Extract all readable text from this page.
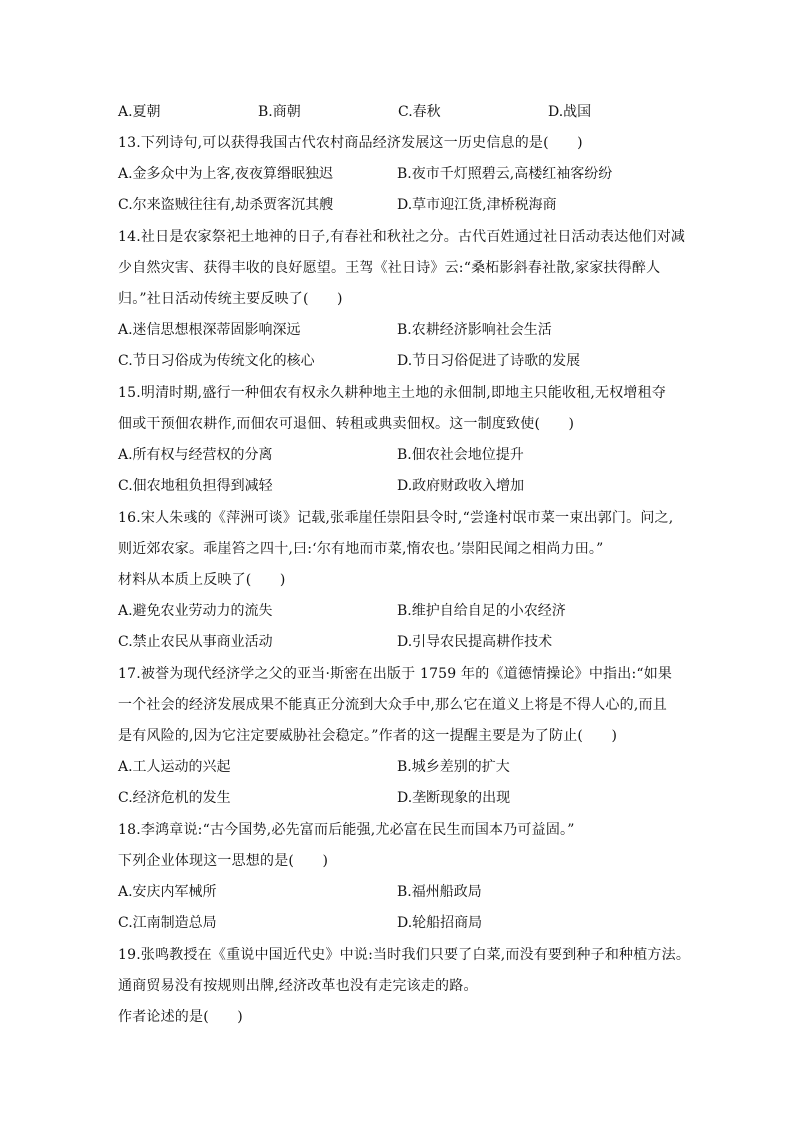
A.夏朝	B.商朝	C.春秋	D.战国
13.下列诗句,可以获得我国古代农村商品经济发展这一历史信息的是(　　)
A.金多众中为上客,夜夜算缗眠独迟	B.夜市千灯照碧云,高楼红袖客纷纷
C.尔来盗贼往往有,劫杀贾客沉其艘	D.草市迎江货,津桥税海商
14.社日是农家祭祀土地神的日子,有春社和秋社之分。古代百姓通过社日活动表达他们对减
少自然灾害、获得丰收的良好愿望。王驾《社日诗》云:“桑柘影斜春社散,家家扶得醉人
归。”社日活动传统主要反映了(　　)
A.迷信思想根深蒂固影响深远	B.农耕经济影响社会生活
C.节日习俗成为传统文化的核心	D.节日习俗促进了诗歌的发展
15.明清时期,盛行一种佃农有权永久耕种地主土地的永佃制,即地主只能收租,无权增租夺
佃或干预佃农耕作,而佃农可退佃、转租或典卖佃权。这一制度致使(　　)
A.所有权与经营权的分离	B.佃农社会地位提升
C.佃农地租负担得到减轻	D.政府财政收入增加
16.宋人朱彧的《萍洲可谈》记载,张乖崖任崇阳县令时,“尝逢村氓市菜一束出郭门。问之,
则近郊农家。乖崖笞之四十,曰:‘尔有地而市菜,惰农也。’崇阳民闻之相尚力田。”
材料从本质上反映了(　　)
A.避免农业劳动力的流失	B.维护自给自足的小农经济
C.禁止农民从事商业活动	D.引导农民提高耕作技术
17.被誉为现代经济学之父的亚当·斯密在出版于 1759 年的《道德情操论》中指出:“如果
一个社会的经济发展成果不能真正分流到大众手中,那么它在道义上将是不得人心的,而且
是有风险的,因为它注定要威胁社会稳定。”作者的这一提醒主要是为了防止(　　)
A.工人运动的兴起	B.城乡差别的扩大
C.经济危机的发生	D.垄断现象的出现
18.李鸿章说:“古今国势,必先富而后能强,尤必富在民生而国本乃可益固。”
下列企业体现这一思想的是(　　)
A.安庆内军械所	B.福州船政局
C.江南制造总局	D.轮船招商局
19.张鸣教授在《重说中国近代史》中说:当时我们只要了白菜,而没有要到种子和种植方法。
通商贸易没有按规则出牌,经济改革也没有走完该走的路。
作者论述的是(　　)
